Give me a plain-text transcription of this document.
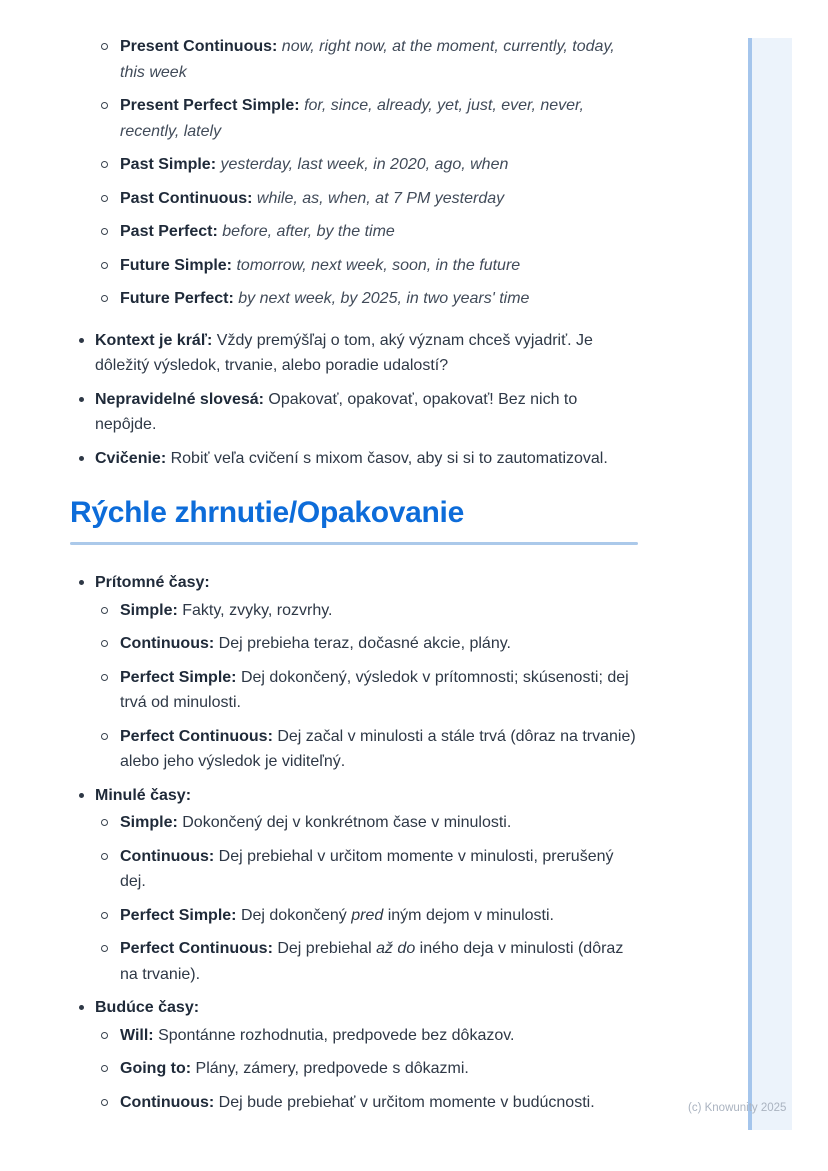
Present Continuous: now, right now, at the moment, currently, today, this week
Present Perfect Simple: for, since, already, yet, just, ever, never, recently, lately
Past Simple: yesterday, last week, in 2020, ago, when
Past Continuous: while, as, when, at 7 PM yesterday
Past Perfect: before, after, by the time
Future Simple: tomorrow, next week, soon, in the future
Future Perfect: by next week, by 2025, in two years' time
Kontext je kráľ: Vždy premýšľaj o tom, aký význam chceš vyjadriť. Je dôležitý výsledok, trvanie, alebo poradie udalostí?
Nepravidelné slovesá: Opakovať, opakovať, opakovať! Bez nich to nepôjde.
Cvičenie: Robiť veľa cvičení s mixom časov, aby si si to zautomatizoval.
Rýchle zhrnutie/Opakovanie
Prítomné časy:
Simple: Fakty, zvyky, rozvrhy.
Continuous: Dej prebieha teraz, dočasné akcie, plány.
Perfect Simple: Dej dokončený, výsledok v prítomnosti; skúsenosti; dej trvá od minulosti.
Perfect Continuous: Dej začal v minulosti a stále trvá (dôraz na trvanie) alebo jeho výsledok je viditeľný.
Minulé časy:
Simple: Dokončený dej v konkrétnom čase v minulosti.
Continuous: Dej prebiehal v určitom momente v minulosti, prerušený dej.
Perfect Simple: Dej dokončený pred iným dejom v minulosti.
Perfect Continuous: Dej prebiehal až do iného deja v minulosti (dôraz na trvanie).
Budúce časy:
Will: Spontánne rozhodnutia, predpovede bez dôkazov.
Going to: Plány, zámery, predpovede s dôkazmi.
Continuous: Dej bude prebiehať v určitom momente v budúcnosti.	(c) Knowunity 2025
